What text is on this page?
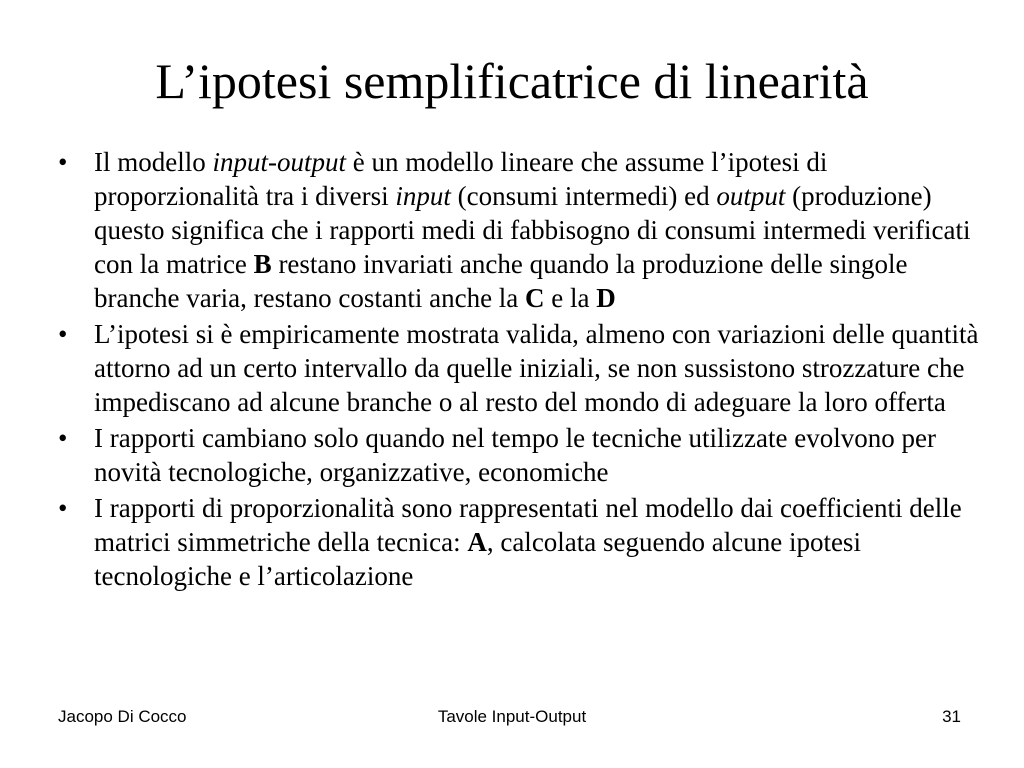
L’ipotesi semplificatrice di linearità
• Il modello input-output è un modello lineare che assume l’ipotesi di proporzionalità tra i diversi input (consumi intermedi) ed output (produzione) questo significa che i rapporti medi di fabbisogno di consumi intermedi verificati con la matrice B restano invariati anche quando la produzione delle singole branche varia, restano costanti anche la C e la D
• L’ipotesi si è empiricamente mostrata valida, almeno con variazioni delle quantità attorno ad un certo intervallo da quelle iniziali, se non sussistono strozzature che impediscano ad alcune branche o al resto del mondo di adeguare la loro offerta
• I rapporti cambiano solo quando nel tempo le tecniche utilizzate evolvono per novità tecnologiche, organizzative, economiche
• I rapporti di proporzionalità sono rappresentati nel modello dai coefficienti delle matrici simmetriche della tecnica: A, calcolata seguendo alcune ipotesi tecnologiche e l’articolazione
Jacopo Di Cocco	Tavole Input-Output	31
